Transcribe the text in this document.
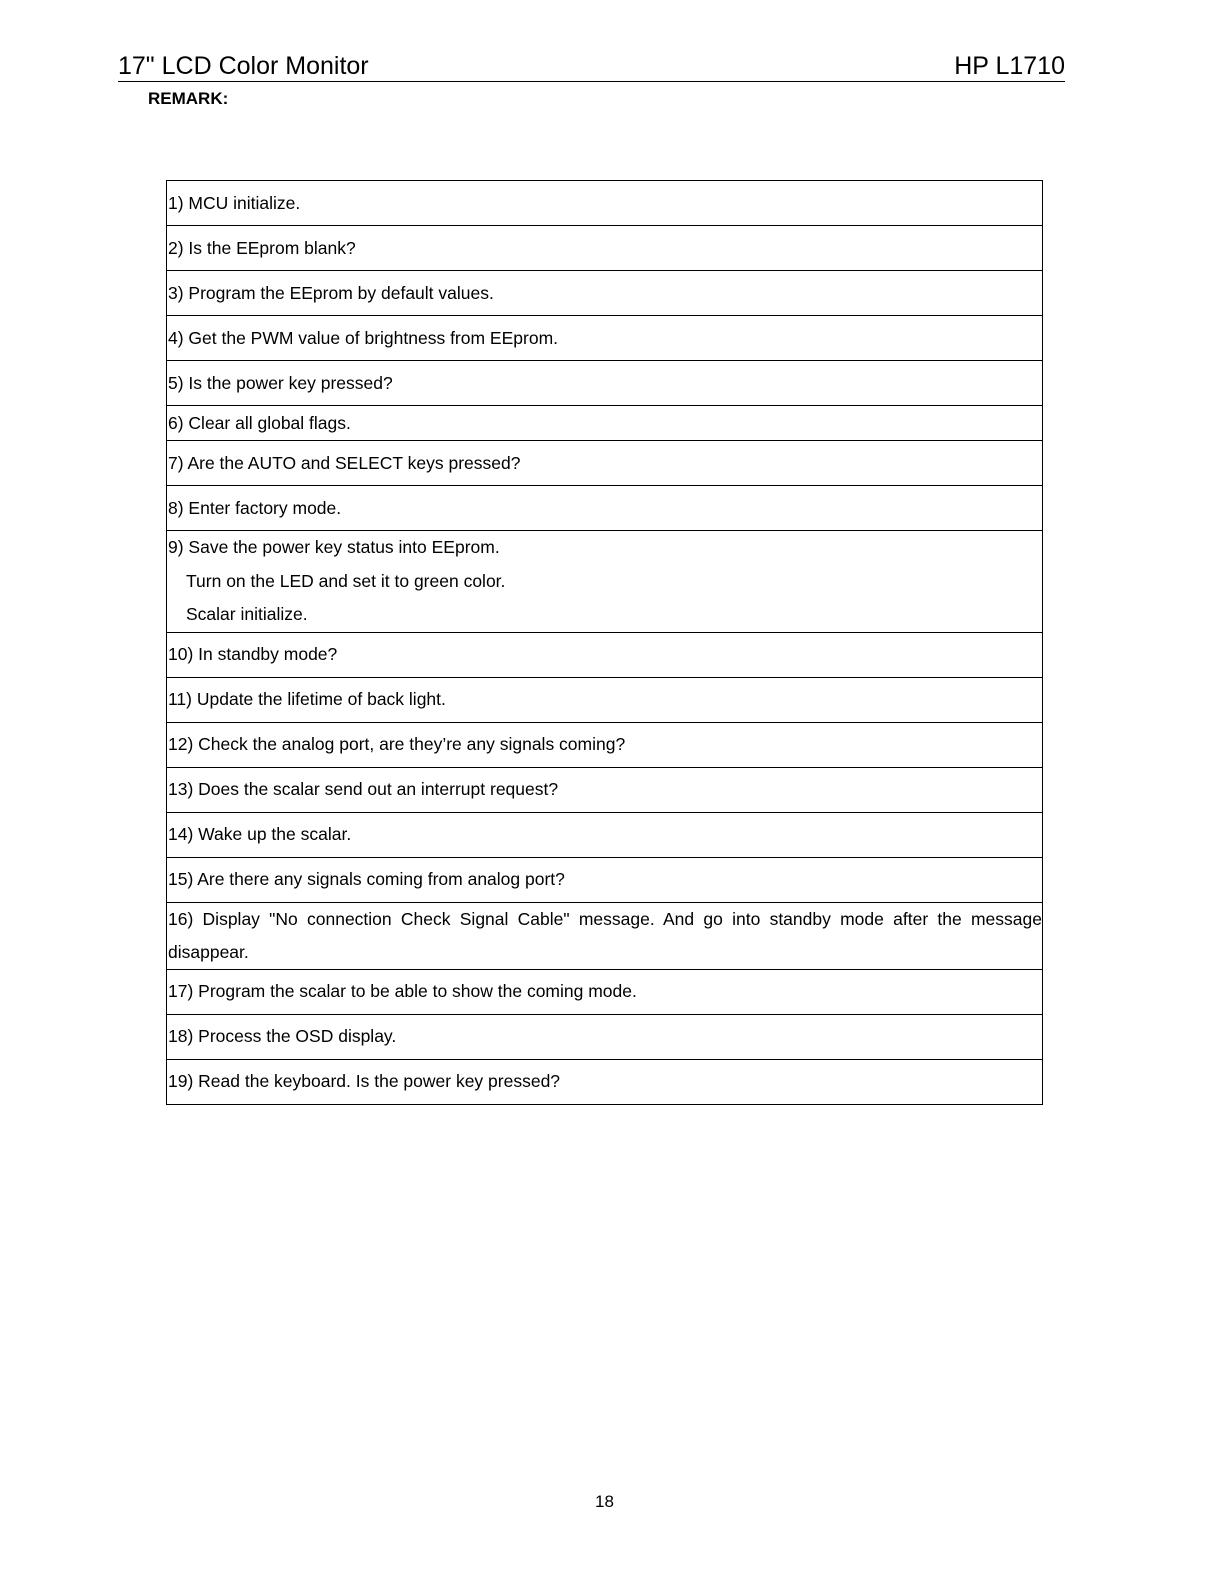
17" LCD Color Monitor	HP L1710
REMARK:
1) MCU initialize.
2) Is the EEprom blank?
3) Program the EEprom by default values.
4) Get the PWM value of brightness from EEprom.
5) Is the power key pressed?
6) Clear all global flags.
7) Are the AUTO and SELECT keys pressed?
8) Enter factory mode.

9) Save the power key status into EEprom.
Turn on the LED and set it to green color.
Scalar initialize.

10) In standby mode?
11) Update the lifetime of back light.
12) Check the analog port, are they’re any signals coming?
13) Does the scalar send out an interrupt request?
14) Wake up the scalar.
15) Are there any signals coming from analog port?
16) Display "No connection Check Signal Cable" message. And go into standby mode after the message disappear.
17) Program the scalar to be able to show the coming mode.
18) Process the OSD display.
19) Read the keyboard. Is the power key pressed?
18
